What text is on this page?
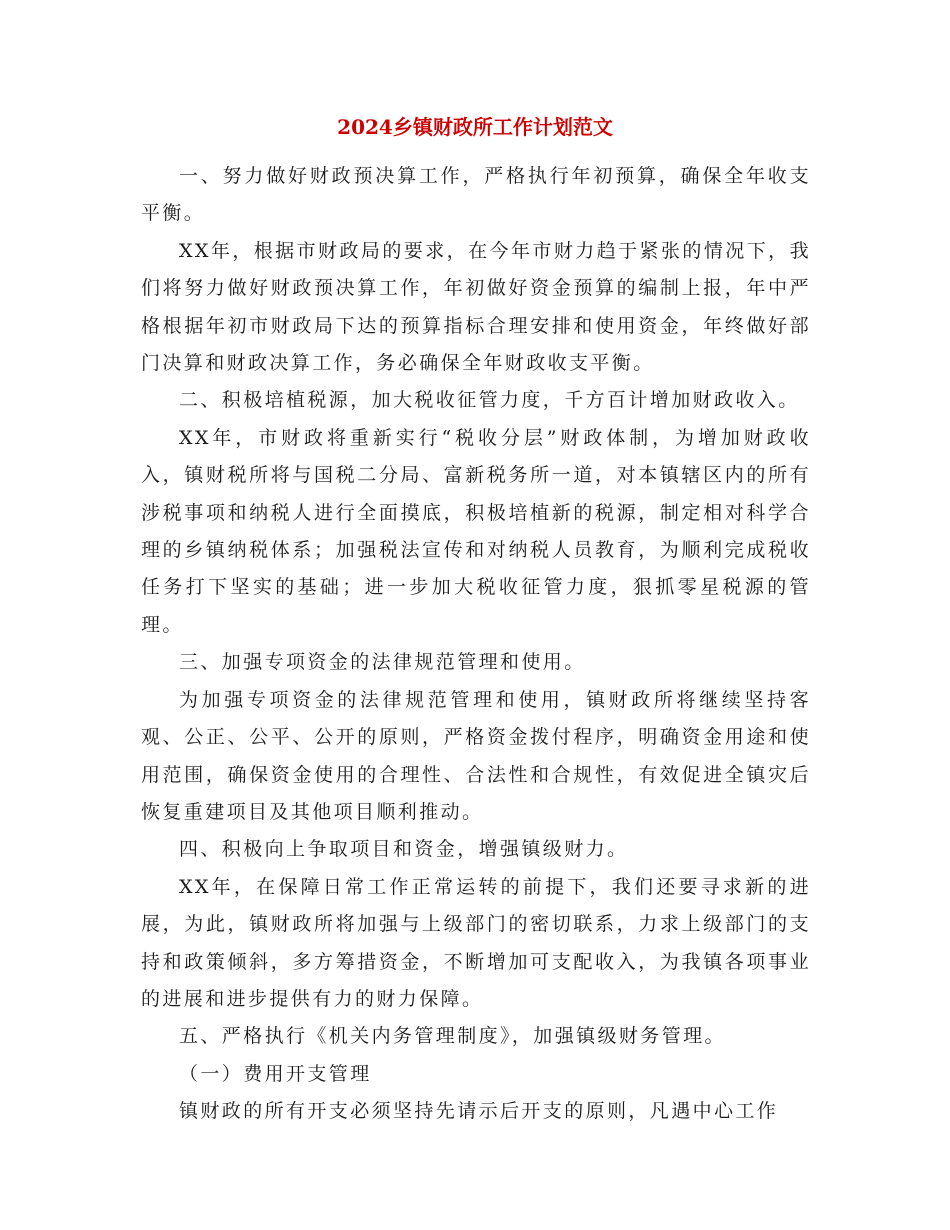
2024乡镇财政所工作计划范文

一、努力做好财政预决算工作，严格执行年初预算，确保全年收支平衡。

XX年，根据市财政局的要求，在今年市财力趋于紧张的情况下，我们将努力做好财政预决算工作，年初做好资金预算的编制上报，年中严格根据年初市财政局下达的预算指标合理安排和使用资金，年终做好部门决算和财政决算工作，务必确保全年财政收支平衡。

二、积极培植税源，加大税收征管力度，千方百计增加财政收入。

XX年，市财政将重新实行“税收分层”财政体制，为增加财政收入，镇财税所将与国税二分局、富新税务所一道，对本镇辖区内的所有涉税事项和纳税人进行全面摸底，积极培植新的税源，制定相对科学合理的乡镇纳税体系；加强税法宣传和对纳税人员教育，为顺利完成税收任务打下坚实的基础；进一步加大税收征管力度，狠抓零星税源的管理。

三、加强专项资金的法律规范管理和使用。

为加强专项资金的法律规范管理和使用，镇财政所将继续坚持客观、公正、公平、公开的原则，严格资金拨付程序，明确资金用途和使用范围，确保资金使用的合理性、合法性和合规性，有效促进全镇灾后恢复重建项目及其他项目顺利推动。

四、积极向上争取项目和资金，增强镇级财力。

XX年，在保障日常工作正常运转的前提下，我们还要寻求新的进展，为此，镇财政所将加强与上级部门的密切联系，力求上级部门的支持和政策倾斜，多方筹措资金，不断增加可支配收入，为我镇各项事业的进展和进步提供有力的财力保障。

五、严格执行《机关内务管理制度》，加强镇级财务管理。

（一）费用开支管理

镇财政的所有开支必须坚持先请示后开支的原则，凡遇中心工作
